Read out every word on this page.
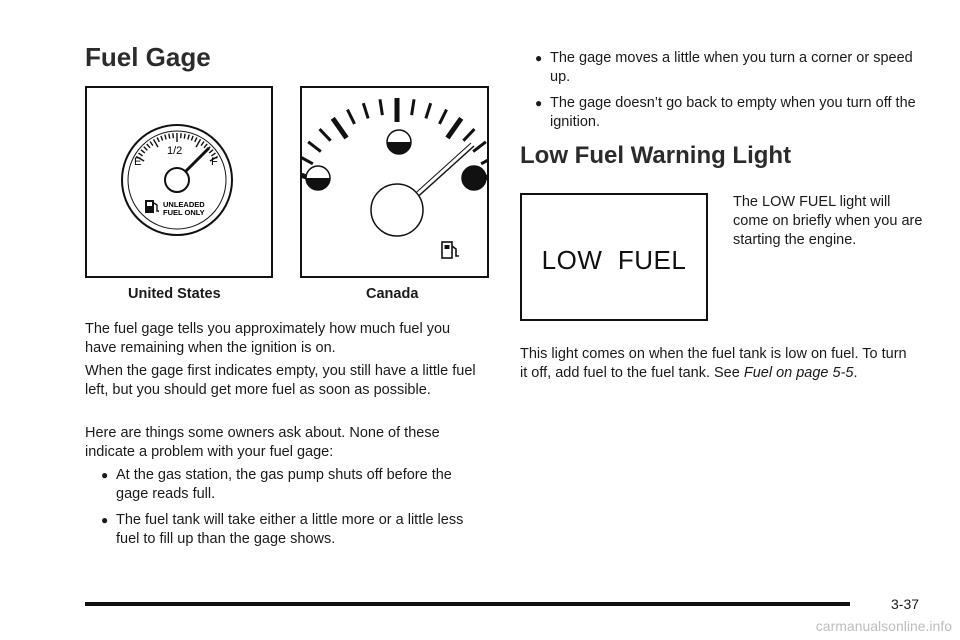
Fuel Gage
E
1/2
F
UNLEADED
FUEL ONLY
United States	Canada

The fuel gage tells you approximately how much fuel you have remaining when the ignition is on.

When the gage first indicates empty, you still have a little fuel left, but you should get more fuel as soon as possible.

Here are things some owners ask about. None of these indicate a problem with your fuel gage:

● At the gas station, the gas pump shuts off before the gage reads full.
● The fuel tank will take either a little more or a little less fuel to fill up than the gage shows.
● The gage moves a little when you turn a corner or speed up.
● The gage doesn’t go back to empty when you turn off the ignition.
Low Fuel Warning Light
LOW FUEL

The LOW FUEL light will come on briefly when you are starting the engine.

This light comes on when the fuel tank is low on fuel. To turn it off, add fuel to the fuel tank. See Fuel on page 5-5.

3-37
carmanualsonline.info
